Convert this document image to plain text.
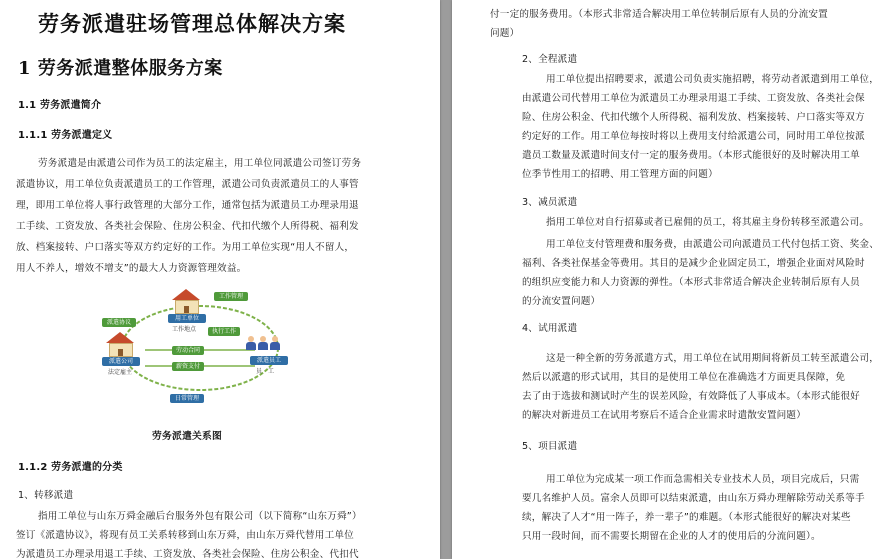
劳务派遣驻场管理总体解决方案
1 劳务派遣整体服务方案
1.1 劳务派遣简介
1.1.1 劳务派遣定义
劳务派遣是由派遣公司作为员工的法定雇主，用工单位同派遣公司签订劳务
派遣协议，用工单位负责派遣员工的工作管理，派遣公司负责派遣员工的人事管
理，即用工单位将人事行政管理的大部分工作，通常包括为派遣员工办理录用退
工手续、工资发放、各类社会保险、住房公积金、代扣代缴个人所得税、福利发
放、档案接转、户口落实等双方约定好的工作。为用工单位实现“用人不留人，
用人不养人，增效不增支”的最大人力资源管理效益。
工作管理
用工单位
工作地点	执行工作
派遣协议
派遣公司
法定雇主
劳动合同
薪资支付
派遣员工
员　工
日常管理
劳务派遣关系图
1.1.2 劳务派遣的分类
1、转移派遣
指用工单位与山东万舜金融后台服务外包有限公司（以下简称“山东万舜”）
签订《派遣协议》，将现有员工关系转移到山东万舜，由山东万舜代替用工单位
为派遣员工办理录用退工手续、工资发放、各类社会保险、住房公积金、代扣代
付一定的服务费用。（本形式非常适合解决用工单位转制后原有人员的分流安置
问题）
2、全程派遣
用工单位提出招聘要求，派遣公司负责实施招聘，将劳动者派遣到用工单位，
由派遣公司代替用工单位为派遣员工办理录用退工手续、工资发放、各类社会保
险、住房公积金、代扣代缴个人所得税、福利发放、档案接转、户口落实等双方
约定好的工作。用工单位每按时将以上费用支付给派遣公司，同时用工单位按派
遣员工数量及派遣时间支付一定的服务费用。（本形式能很好的及时解决用工单
位季节性用工的招聘、用工管理方面的问题）
3、减员派遣
指用工单位对自行招募或者已雇佣的员工，将其雇主身份转移至派遣公司。
用工单位支付管理费和服务费，由派遣公司向派遣员工代付包括工资、奖金、
福利、各类社保基金等费用。其目的是减少企业固定员工，增强企业面对风险时
的组织应变能力和人力资源的弹性。（本形式非常适合解决企业转制后原有人员
的分流安置问题）
4、试用派遣
这是一种全新的劳务派遣方式，用工单位在试用期间将新员工转至派遣公司，
然后以派遣的形式试用，其目的是使用工单位在准确选才方面更具保障，免
去了由于选拔和测试时产生的误差风险，有效降低了人事成本。（本形式能很好
的解决对新进员工在试用考察后不适合企业需求时遣散安置问题）
5、项目派遣
用工单位为完成某一项工作而急需相关专业技术人员，项目完成后，只需
要几名维护人员。富余人员即可以结束派遣，由山东万舜办理解除劳动关系等手
续，解决了人才“用一阵子，养一辈子”的难题。（本形式能很好的解决对某些
只用一段时间，而不需要长期留在企业的人才的使用后的分流问题）。
